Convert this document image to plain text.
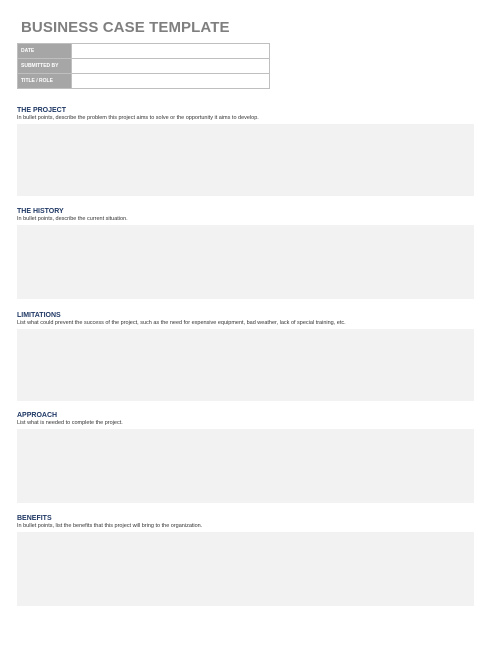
BUSINESS CASE TEMPLATE
DATE	
SUBMITTED BY	
TITLE / ROLE	
THE PROJECT
In bullet points, describe the problem this project aims to solve or the opportunity it aims to develop.
THE HISTORY
In bullet points, describe the current situation.
LIMITATIONS
List what could prevent the success of the project, such as the need for expensive equipment, bad weather, lack of special training, etc.
APPROACH
List what is needed to complete the project.
BENEFITS
In bullet points, list the benefits that this project will bring to the organization.
